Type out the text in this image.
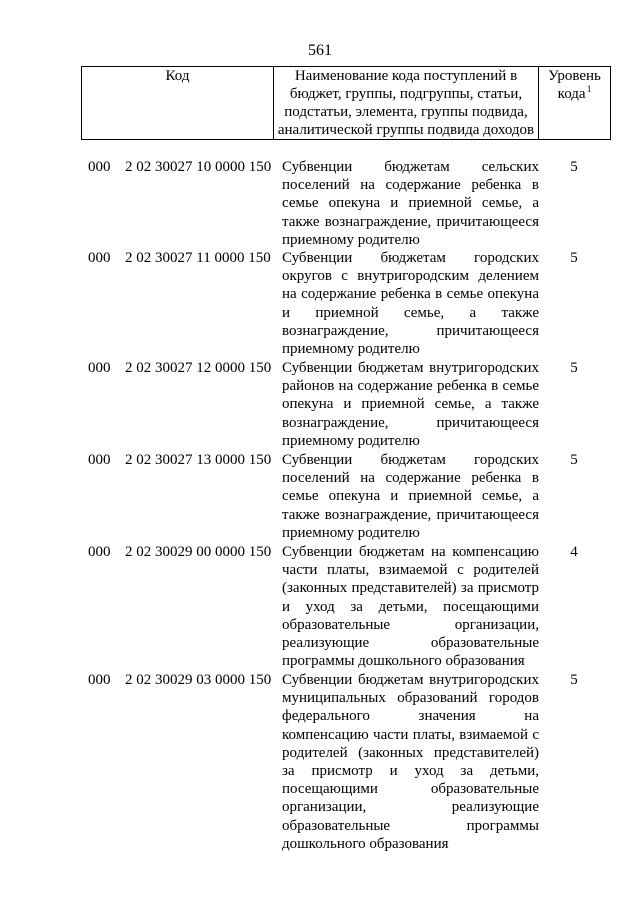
561
Код	Наименование кода поступлений в бюджет, группы, подгруппы, статьи, подстатьи, элемента, группы подвида, аналитической группы подвида доходов
Уровень кода $^1$
000 2 02 30027 10 0000 150 Субвенции бюджетам сельских поселений на содержание ребенка в семье опекуна и приемной семье, а также вознаграждение, причитающееся приемному родителю
5
000 2 02 30027 11 0000 150 Субвенции бюджетам городских округов с внутригородским делением на содержание ребенка в семье опекуна и приемной семье, а также вознаграждение, причитающееся приемному родителю
5
000 2 02 30027 12 0000 150 Субвенции бюджетам внутригородских районов на содержание ребенка в семье опекуна и приемной семье, а также вознаграждение, причитающееся приемному родителю
5
000 2 02 30027 13 0000 150 Субвенции бюджетам городских поселений на содержание ребенка в семье опекуна и приемной семье, а также вознаграждение, причитающееся приемному родителю
5
000 2 02 30029 00 0000 150 Субвенции бюджетам на компенсацию части платы, взимаемой с родителей (законных представителей) за присмотр и уход за детьми, посещающими образовательные организации, реализующие образовательные программы дошкольного образования
4
000 2 02 30029 03 0000 150 Субвенции бюджетам внутригородских муниципальных образований городов федерального значения на компенсацию части платы, взимаемой с родителей (законных представителей) за присмотр и уход за детьми, посещающими образовательные организации, реализующие образовательные программы дошкольного образования
5
